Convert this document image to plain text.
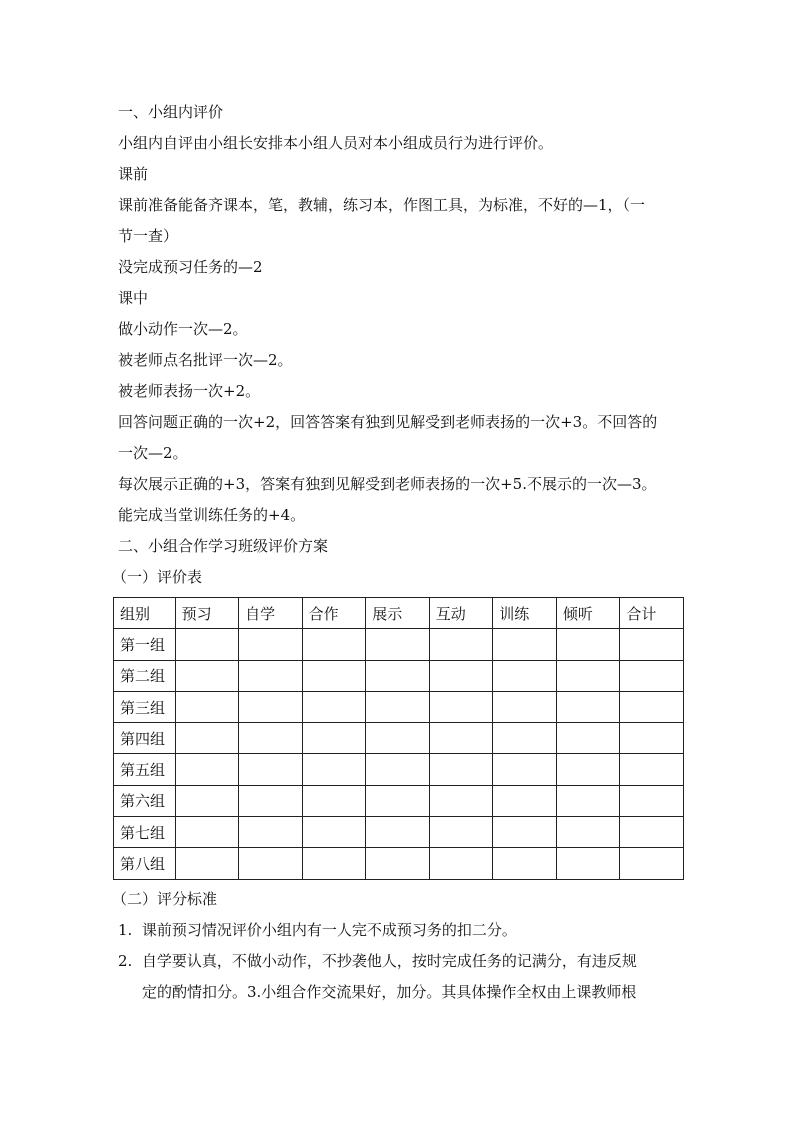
一、小组内评价
小组内自评由小组长安排本小组人员对本小组成员行为进行评价。
课前
课前准备能备齐课本，笔，教辅，练习本，作图工具，为标准，不好的—1，（一
节一查）
没完成预习任务的—2
课中
做小动作一次—2。
被老师点名批评一次—2。
被老师表扬一次+2。
回答问题正确的一次+2，回答答案有独到见解受到老师表扬的一次+3。不回答的
一次—2。
每次展示正确的+3，答案有独到见解受到老师表扬的一次+5.不展示的一次—3。
能完成当堂训练任务的+4。
二、小组合作学习班级评价方案
（一）评价表
组别	预习	自学	合作	展示	互动	训练	倾听	合计
第一组								
第二组								
第三组								
第四组								
第五组								
第六组								
第七组								
第八组								
（二）评分标准
1.  课前预习情况评价小组内有一人完不成预习务的扣二分。
2.  自学要认真，不做小动作，不抄袭他人，按时完成任务的记满分，有违反规
定的酌情扣分。3.小组合作交流果好，加分。其具体操作全权由上课教师根
